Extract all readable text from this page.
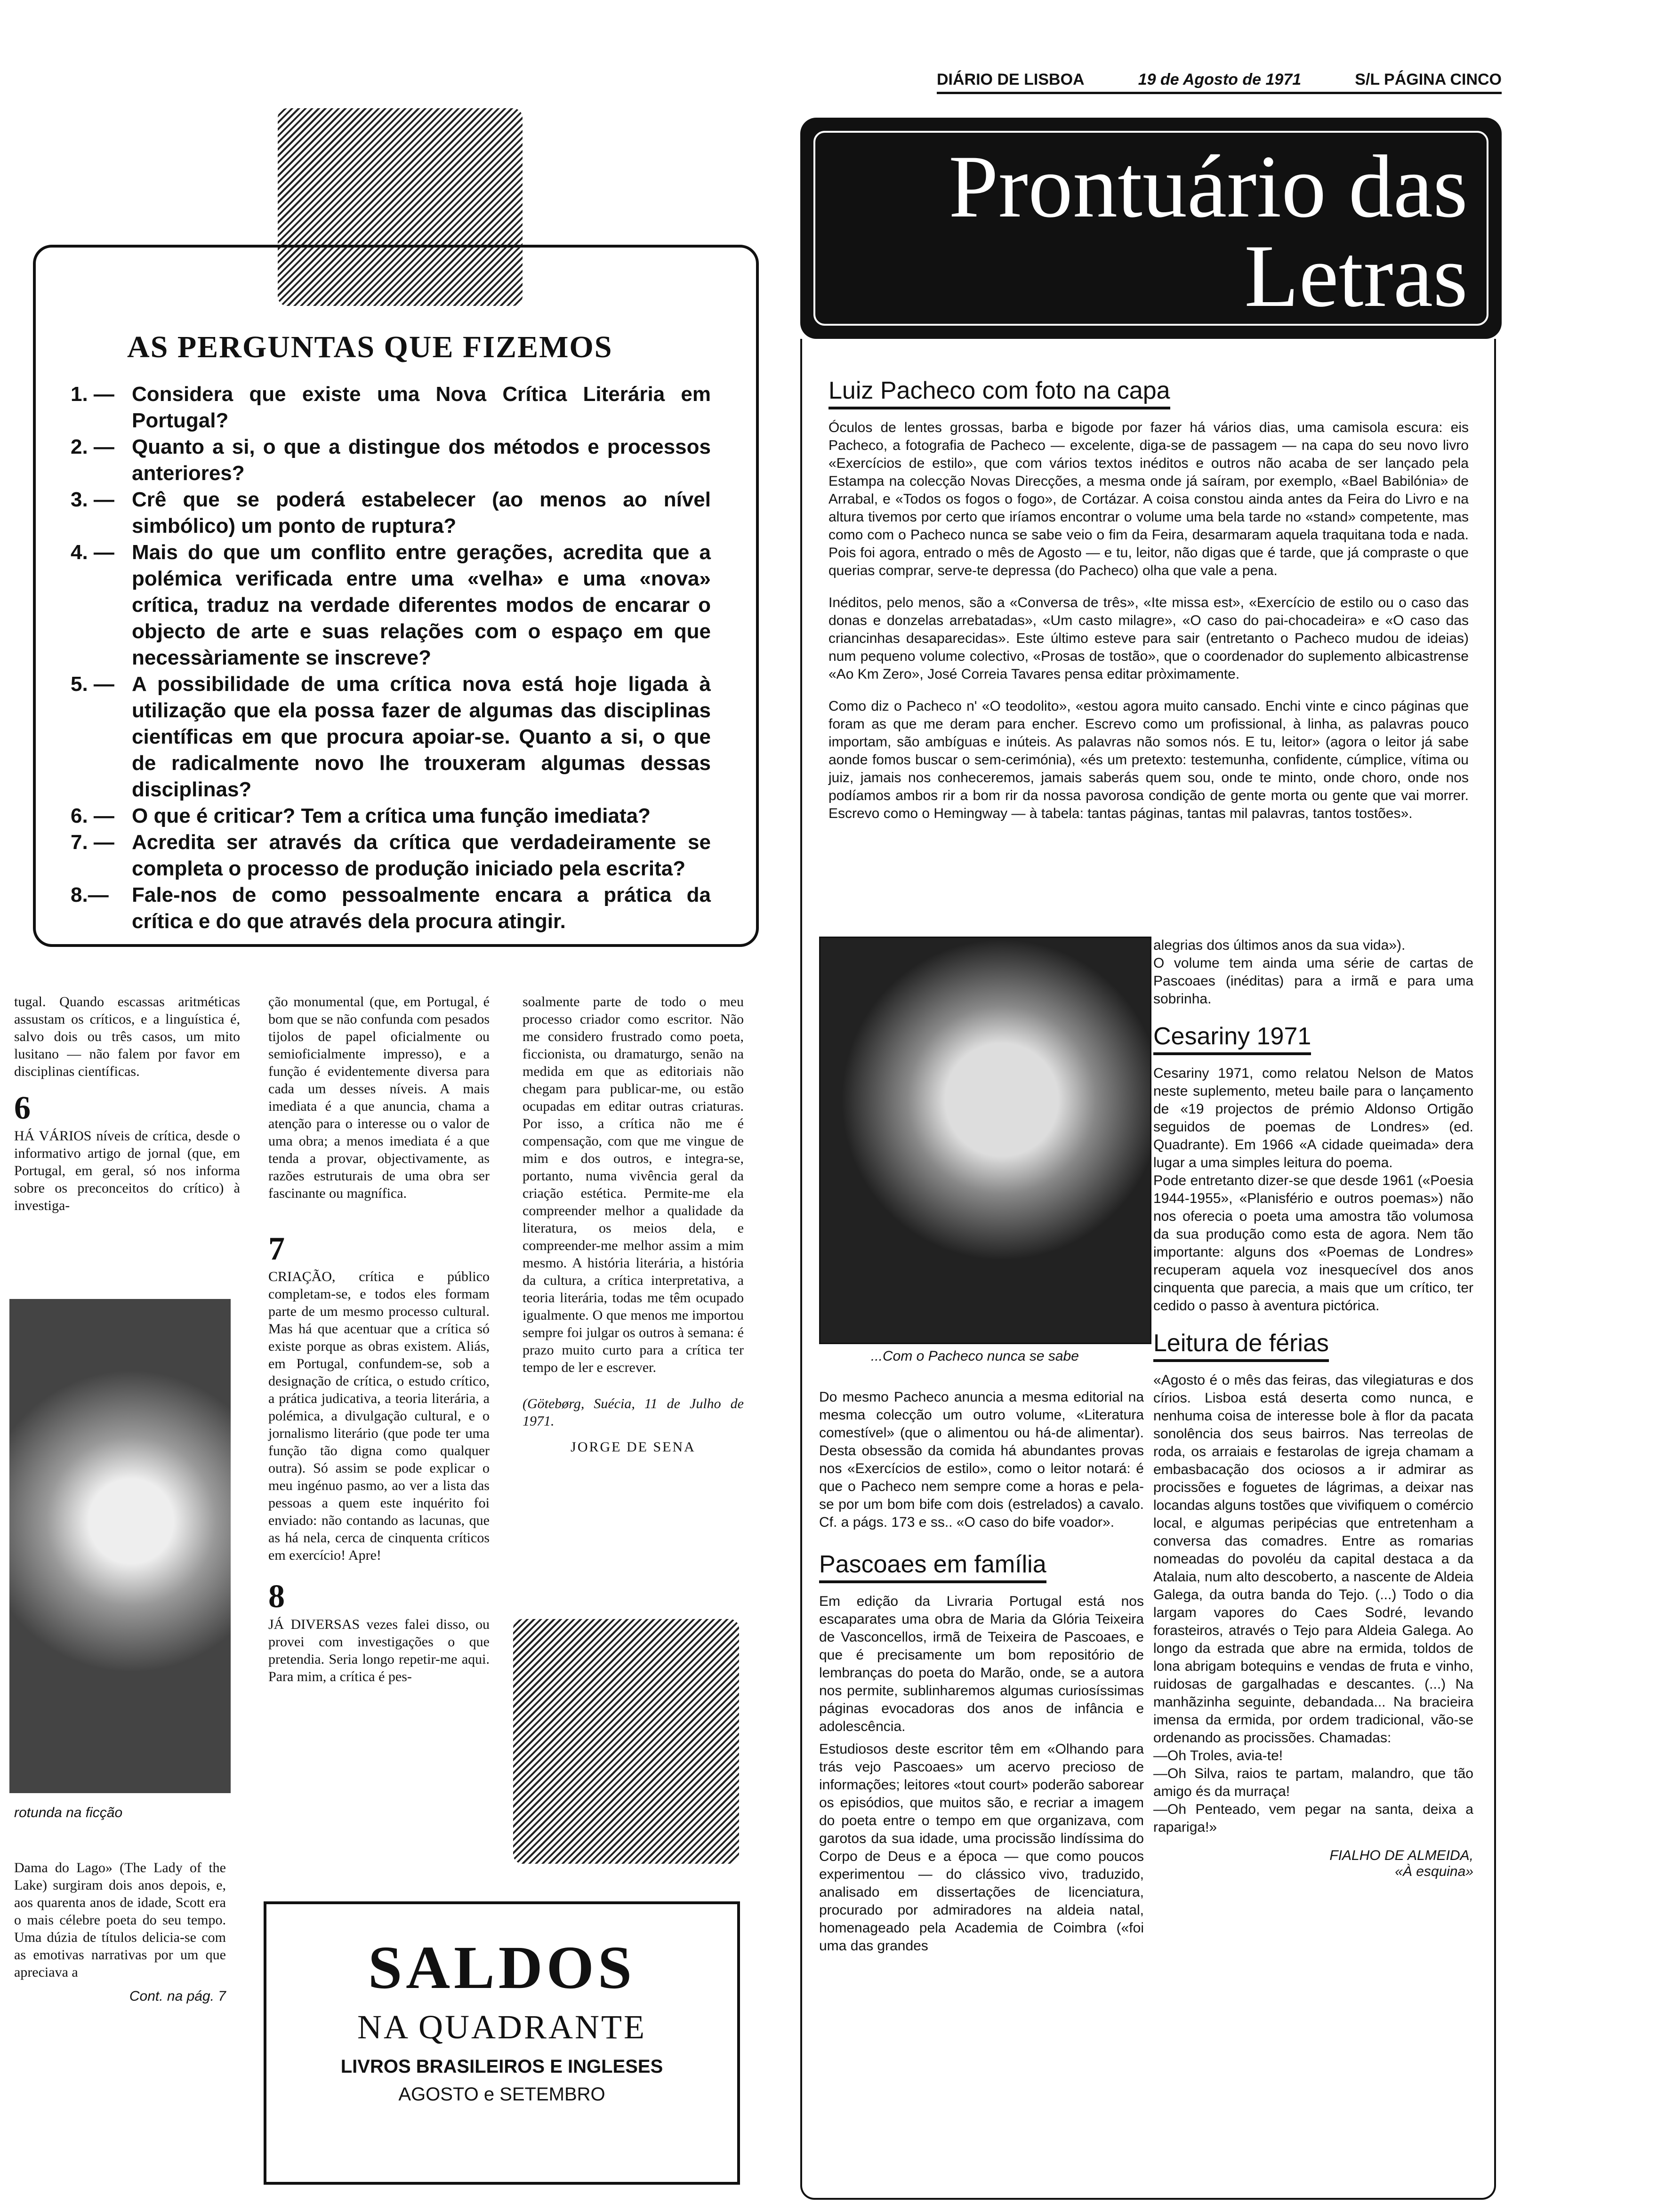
DIÁRIO DE LISBOA	19 de Agosto de 1971	S/L PÁGINA CINCO
Prontuário das
Letras
AS PERGUNTAS QUE FIZEMOS
1. — Considera que existe uma Nova Crítica Literária em Portugal?
2. — Quanto a si, o que a distingue dos métodos e processos anteriores?
3. — Crê que se poderá estabelecer (ao menos ao nível simbólico) um ponto de ruptura?
4. — Mais do que um conflito entre gerações, acredita que a polémica verificada entre uma «velha» e uma «nova» crítica, traduz na verdade diferentes modos de encarar o objecto de arte e suas relações com o espaço em que necessàriamente se inscreve?
5. — A possibilidade de uma crítica nova está hoje ligada à utilização que ela possa fazer de algumas das disciplinas científicas em que procura apoiar-se. Quanto a si, o que de radicalmente novo lhe trouxeram algumas dessas disciplinas?
6. — O que é criticar? Tem a crítica uma função imediata?
7. — Acredita ser através da crítica que verdadeiramente se completa o processo de produção iniciado pela escrita?
8.—	Fale-nos de como pessoalmente encara a prática da crítica e do que através dela procura atingir.

tugal. Quando escassas aritméticas assustam os críticos, e a linguística é, salvo dois ou três casos, um mito lusitano — não falem por favor em disciplinas científicas.

6

HÁ VÁRIOS níveis de crítica, desde o informativo artigo de jornal (que, em Portugal, em geral, só nos informa sobre os preconceitos do crítico) à investiga-

rotunda na ficção

Dama do Lago» (The Lady of the Lake) surgiram dois anos depois, e, aos quarenta anos de idade, Scott era o mais célebre poeta do seu tempo. Uma dúzia de títulos delicia-se com as emotivas narrativas por um que apreciava a

Cont. na pág. 7

ção monumental (que, em Portugal, é bom que se não confunda com pesados tijolos de papel oficialmente ou semioficialmente impresso), e a função é evidentemente diversa para cada um desses níveis. A mais imediata é a que anuncia, chama a atenção para o interesse ou o valor de uma obra; a menos imediata é a que tenda a provar, objectivamente, as razões estruturais de uma obra ser fascinante ou magnífica.

7

CRIAÇÃO, crítica e público completam-se, e todos eles formam parte de um mesmo processo cultural. Mas há que acentuar que a crítica só existe porque as obras existem. Aliás, em Portugal, confundem-se, sob a designação de crítica, o estudo crítico, a prática judicativa, a teoria literária, a polémica, a divulgação cultural, e o jornalismo literário (que pode ter uma função tão digna como qualquer outra). Só assim se pode explicar o meu ingénuo pasmo, ao ver a lista das pessoas a quem este inquérito foi enviado: não contando as lacunas, que as há nela, cerca de cinquenta críticos em exercício! Apre!

8

JÁ DIVERSAS vezes falei disso, ou provei com investigações o que pretendia. Seria longo repetir-me aqui. Para mim, a crítica é pes-

soalmente parte de todo o meu processo criador como escritor. Não me considero frustrado como poeta, ficcionista, ou dramaturgo, senão na medida em que as editoriais não chegam para publicar-me, ou estão ocupadas em editar outras criaturas. Por isso, a crítica não me é compensação, com que me vingue de mim e dos outros, e integra-se, portanto, numa vivência geral da criação estética. Permite-me ela compreender melhor a qualidade da literatura, os meios dela, e compreender-me melhor assim a mim mesmo. A história literária, a história da cultura, a crítica interpretativa, a teoria literária, todas me têm ocupado igualmente. O que menos me importou sempre foi julgar os outros à semana: é prazo muito curto para a crítica ter tempo de ler e escrever.

(Götebørg, Suécia, 11 de Julho de 1971.

JORGE DE SENA
SALDOS
NA QUADRANTE
LIVROS BRASILEIROS E INGLESES
AGOSTO e SETEMBRO
Luiz Pacheco com foto na capa

Óculos de lentes grossas, barba e bigode por fazer há vários dias, uma camisola escura: eis Pacheco, a fotografia de Pacheco — excelente, diga-se de passagem — na capa do seu novo livro «Exercícios de estilo», que com vários textos inéditos e outros não acaba de ser lançado pela Estampa na colecção Novas Direcções, a mesma onde já saíram, por exemplo, «Bael Babilónia» de Arrabal, e «Todos os fogos o fogo», de Cortázar. A coisa constou ainda antes da Feira do Livro e na altura tivemos por certo que iríamos encontrar o volume uma bela tarde no «stand» competente, mas como com o Pacheco nunca se sabe veio o fim da Feira, desarmaram aquela traquitana toda e nada. Pois foi agora, entrado o mês de Agosto — e tu, leitor, não digas que é tarde, que já compraste o que querias comprar, serve-te depressa (do Pacheco) olha que vale a pena.

Inéditos, pelo menos, são a «Conversa de três», «Ite missa est», «Exercício de estilo ou o caso das donas e donzelas arrebatadas», «Um casto milagre», «O caso do pai-chocadeira» e «O caso das criancinhas desaparecidas». Este último esteve para sair (entretanto o Pacheco mudou de ideias) num pequeno volume colectivo, «Prosas de tostão», que o coordenador do suplemento albicastrense «Ao Km Zero», José Correia Tavares pensa editar pròximamente.

Como diz o Pacheco n' «O teodolito», «estou agora muito cansado. Enchi vinte e cinco páginas que foram as que me deram para encher. Escrevo como um profissional, à linha, as palavras pouco importam, são ambíguas e inúteis. As palavras não somos nós. E tu, leitor» (agora o leitor já sabe aonde fomos buscar o sem-cerimónia), «és um pretexto: testemunha, confidente, cúmplice, vítima ou juiz, jamais nos conheceremos, jamais saberás quem sou, onde te minto, onde choro, onde nos podíamos ambos rir a bom rir da nossa pavorosa condição de gente morta ou gente que vai morrer. Escrevo como o Hemingway — à tabela: tantas páginas, tantas mil palavras, tantos tostões».

...Com o Pacheco nunca se sabe

Do mesmo Pacheco anuncia a mesma editorial na mesma colecção um outro volume, «Literatura comestível» (que o alimentou ou há-de alimentar). Desta obsessão da comida há abundantes provas nos «Exercícios de estilo», como o leitor notará: é que o Pacheco nem sempre come a horas e pela-se por um bom bife com dois (estrelados) a cavalo. Cf. a págs. 173 e ss.. «O caso do bife voador».

Pascoaes em família

Em edição da Livraria Portugal está nos escaparates uma obra de Maria da Glória Teixeira de Vasconcellos, irmã de Teixeira de Pascoaes, e que é precisamente um bom repositório de lembranças do poeta do Marão, onde, se a autora nos permite, sublinharemos algumas curiosíssimas páginas evocadoras dos anos de infância e adolescência.

Estudiosos deste escritor têm em «Olhando para trás vejo Pascoaes» um acervo precioso de informações; leitores «tout court» poderão saborear os episódios, que muitos são, e recriar a imagem do poeta entre o tempo em que organizava, com garotos da sua idade, uma procissão lindíssima do Corpo de Deus e a época — que como poucos experimentou — do clássico vivo, traduzido, analisado em dissertações de licenciatura, procurado por admiradores na aldeia natal, homenageado pela Academia de Coimbra («foi uma das grandes

alegrias dos últimos anos da sua vida»).
O volume tem ainda uma série de cartas de Pascoaes (inéditas) para a irmã e para uma sobrinha.

Cesariny 1971

Cesariny 1971, como relatou Nelson de Matos neste suplemento, meteu baile para o lançamento de «19 projectos de prémio Aldonso Ortigão seguidos de poemas de Londres» (ed. Quadrante). Em 1966 «A cidade queimada» dera lugar a uma simples leitura do poema.

Pode entretanto dizer-se que desde 1961 («Poesia 1944-1955», «Planisfério e outros poemas») não nos oferecia o poeta uma amostra tão volumosa da sua produção como esta de agora. Nem tão importante: alguns dos «Poemas de Londres» recuperam aquela voz inesquecível dos anos cinquenta que parecia, a mais que um crítico, ter cedido o passo à aventura pictórica.

Leitura de férias

«Agosto é o mês das feiras, das vilegiaturas e dos círios. Lisboa está deserta como nunca, e nenhuma coisa de interesse bole à flor da pacata sonolência dos seus bairros. Nas terreolas de roda, os arraiais e festarolas de igreja chamam a embasbacação dos ociosos a ir admirar as procissões e foguetes de lágrimas, a deixar nas locandas alguns tostões que vivifiquem o comércio local, e algumas peripécias que entretenham a conversa das comadres. Entre as romarias nomeadas do povoléu da capital destaca a da Atalaia, num alto descoberto, a nascente de Aldeia Galega, da outra banda do Tejo. (...) Todo o dia largam vapores do Caes Sodré, levando forasteiros, através o Tejo para Aldeia Galega. Ao longo da estrada que abre na ermida, toldos de lona abrigam botequins e vendas de fruta e vinho, ruidosas de gargalhadas e descantes. (...) Na manhãzinha seguinte, debandada... Na bracieira imensa da ermida, por ordem tradicional, vão-se ordenando as procissões. Chamadas:

—Oh Troles, avia-te!
—Oh Silva, raios te partam, malandro, que tão amigo és da murraça!
—Oh Penteado, vem pegar na santa, deixa a rapariga!»

FIALHO DE ALMEIDA,
«À esquina»
